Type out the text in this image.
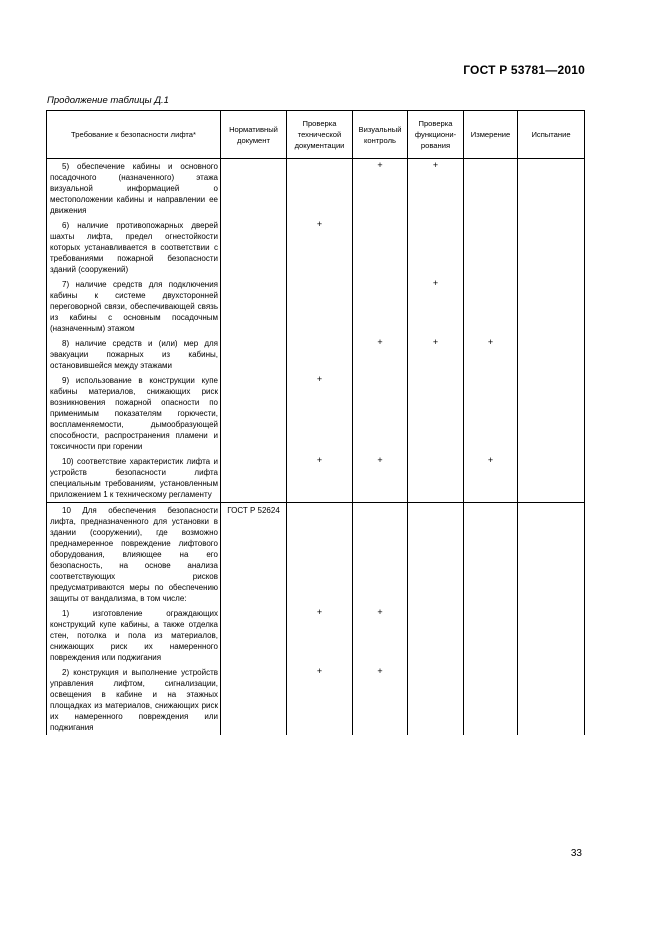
ГОСТ Р 53781—2010
Продолжение таблицы Д.1
Требование к безопасности лифта*	Нормативный документ	Проверка технической документации	Визуальный контроль	Проверка функциони-рования	Измерение	Испытание

5) обеспечение кабины и основного посадочного (назначенного) этажа визуальной информацией о местоположении кабины и направлении ее движения			+	+		

6) наличие противопожарных дверей шахты лифта, предел огнестойкости которых устанавливается в соответствии с требованиями пожарной безопасности зданий (сооружений)		+				

7) наличие средств для подключения кабины к системе двухсторонней переговорной связи, обеспечивающей связь из кабины с основным посадочным (назначенным) этажом				+		

8) наличие средств и (или) мер для эвакуации пожарных из кабины, остановившейся между этажами			+	+	+	

9) использование в конструкции купе кабины материалов, снижающих риск возникновения пожарной опасности по применимым показателям горючести, воспламеняемости, дымообразующей способности, распространения пламени и токсичности при горении		+				

10) соответствие характеристик лифта и устройств безопасности лифта специальным требованиям, установленным приложением 1 к техническому регламенту		+	+		+	

10 Для обеспечения безопасности лифта, предназначенного для установки в здании (сооружении), где возможно преднамеренное повреждение лифтового оборудования, влияющее на его безопасность, на основе анализа соответствующих рисков предусматриваются меры по обеспечению защиты от вандализма, в том числе:	ГОСТ Р 52624					

1) изготовление ограждающих конструкций купе кабины, а также отделка стен, потолка и пола из материалов, снижающих риск их намеренного повреждения или поджигания		+	+			

2) конструкция и выполнение устройств управления лифтом, сигнализации, освещения в кабине и на этажных площадках из материалов, снижающих риск их намеренного повреждения или поджигания		+	+			
33
